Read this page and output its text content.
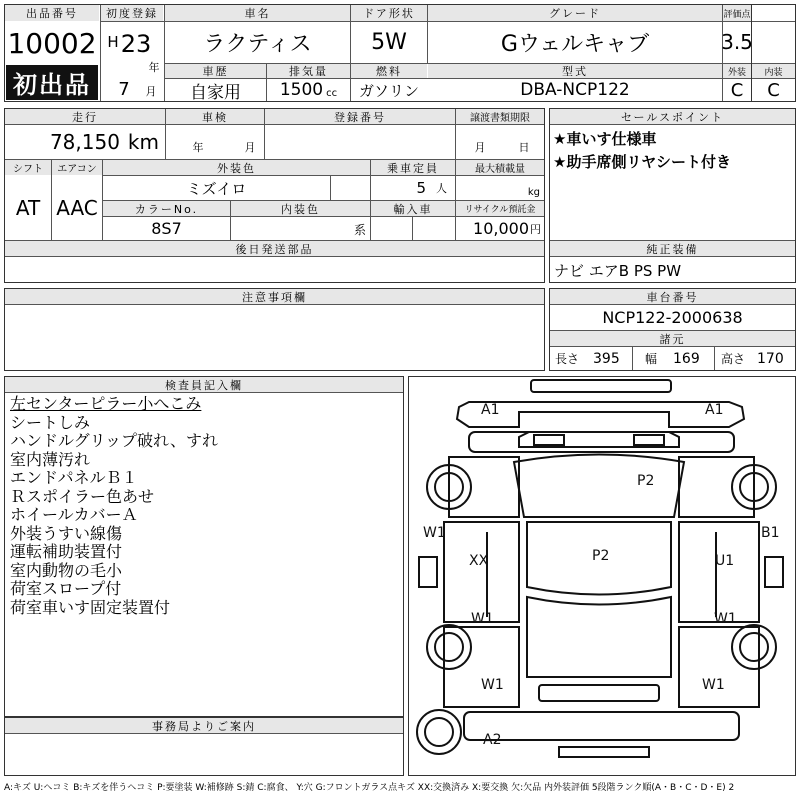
出品番号
10002
初出品
初度登録
H 23
年
7	月
車名
ラクティス
ドア形状
5W
グレード
Gウェルキャブ
評価点
3.5
車歴
自家用
排気量
1500 cc
燃料
ガソリン
型式
DBA-NCP122
外装
C
内装
C
走行
78,150 km
車検
年	月
登録番号	譲渡書類期限
月	日
シフト
AT
エアコン
AAC
外装色
ミズイロ
乗車定員
5 人
最大積載量
kg
カラーNo.
8S7
内装色
系
輸入車	リサイクル預託金
10,000 円
後日発送部品
セールスポイント
★車いす仕様車
★助手席側リヤシート付き
純正装備
ナビ エアB PS PW
注意事項欄	車台番号
NCP122-2000638
諸元
長さ 395 幅 169 高さ 170
検査員記入欄
左センターピラー小へこみ
シートしみ
ハンドルグリップ破れ、すれ
室内薄汚れ
エンドパネルＢ１
Ｒスポイラー色あせ
ホイールカバーＡ
外装うすい線傷
運転補助装置付
室内動物の毛小
荷室スロープ付
荷室車いす固定装置付
事務局よりご案内
A1	A1
P2
W1	B1
XX	P2	U1
W1	W1
W1	W1
A2
A:キズ U:ヘコミ B:キズを伴うヘコミ P:要塗装 W:補修跡 S:錆 C:腐食、 Y:穴 G:フロントガラス点キズ XX:交換済み X:要交換 欠:欠品 内外装評価 5段階ランク順(A・B・C・D・E) 2
